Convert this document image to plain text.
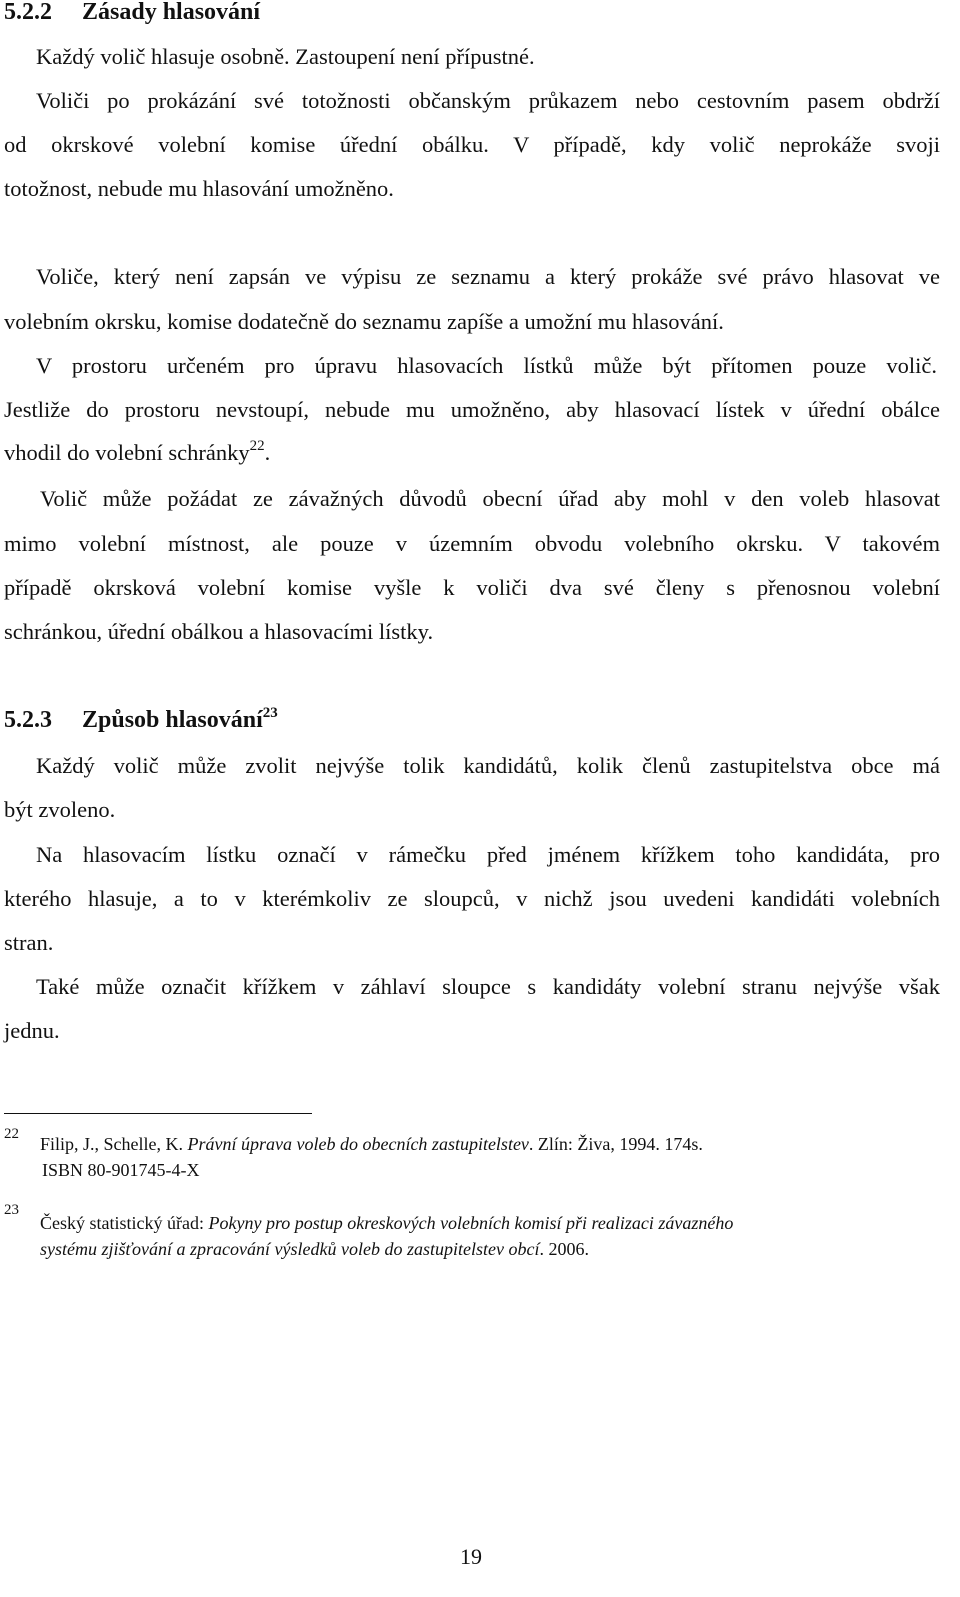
5.2.2 Zásady hlasování
Každý volič hlasuje osobně. Zastoupení není přípustné.
Voliči po prokázání své totožnosti občanským průkazem nebo cestovním pasem obdrží
od okrskové volební komise úřední obálku. V případě, kdy volič neprokáže svoji
totožnost, nebude mu hlasování umožněno.
Voliče, který není zapsán ve výpisu ze seznamu a který prokáže své právo hlasovat ve
volebním okrsku, komise dodatečně do seznamu zapíše a umožní mu hlasování.
V prostoru určeném pro úpravu hlasovacích lístků může být přítomen pouze volič.
Jestliže do prostoru nevstoupí, nebude mu umožněno, aby hlasovací lístek v úřední obálce
vhodil do volební schránky$^{22}$.
Volič může požádat ze závažných důvodů obecní úřad aby mohl v den voleb hlasovat
mimo volební místnost, ale pouze v územním obvodu volebního okrsku. V takovém
případě okrsková volební komise vyšle k voliči dva své členy s přenosnou volební
schránkou, úřední obálkou a hlasovacími lístky.
5.2.3 Způsob hlasování$^{23}$
Každý volič může zvolit nejvýše tolik kandidátů, kolik členů zastupitelstva obce má
být zvoleno.
Na hlasovacím lístku označí v rámečku před jménem křížkem toho kandidáta, pro
kterého hlasuje, a to v kterémkoliv ze sloupců, v nichž jsou uvedeni kandidáti volebních
stran.
Také může označit křížkem v záhlaví sloupce s kandidáty volební stranu nejvýše však
jednu.
22 Filip, J., Schelle, K. Právní úprava voleb do obecních zastupitelstev. Zlín: Živa, 1994. 174s.
ISBN 80-901745-4-X
23
Český statistický úřad: Pokyny pro postup okreskových volebních komisí při realizaci závazného
systému zjišťování a zpracování výsledků voleb do zastupitelstev obcí. 2006.
19
